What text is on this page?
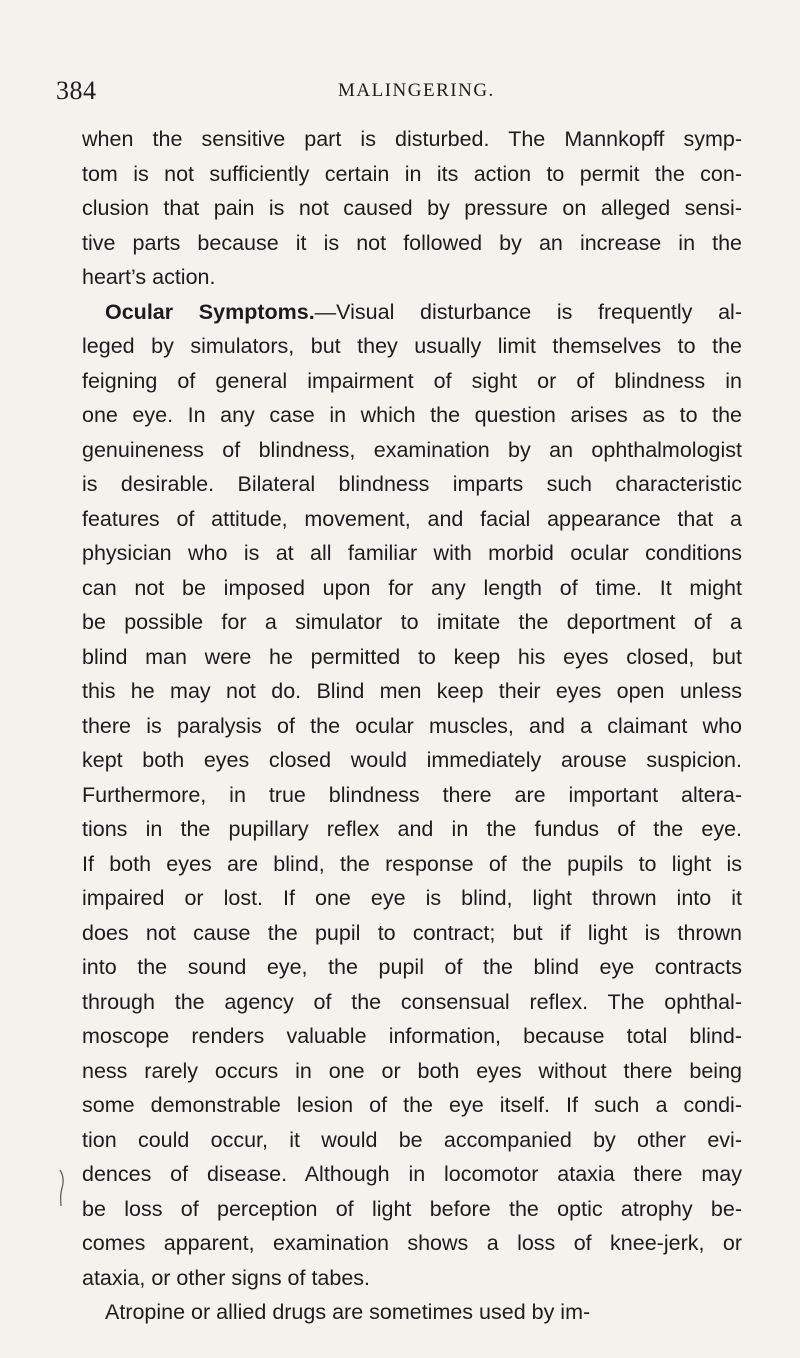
384	MALINGERING.
when the sensitive part is disturbed. The Mannkopff symp-
tom is not sufficiently certain in its action to permit the con-
clusion that pain is not caused by pressure on alleged sensi-
tive parts because it is not followed by an increase in the
heart’s action.
Ocular Symptoms.—Visual disturbance is frequently al-
leged by simulators, but they usually limit themselves to the
feigning of general impairment of sight or of blindness in
one eye. In any case in which the question arises as to the
genuineness of blindness, examination by an ophthalmologist
is desirable. Bilateral blindness imparts such characteristic
features of attitude, movement, and facial appearance that a
physician who is at all familiar with morbid ocular conditions
can not be imposed upon for any length of time. It might
be possible for a simulator to imitate the deportment of a
blind man were he permitted to keep his eyes closed, but
this he may not do. Blind men keep their eyes open unless
there is paralysis of the ocular muscles, and a claimant who
kept both eyes closed would immediately arouse suspicion.
Furthermore, in true blindness there are important altera-
tions in the pupillary reflex and in the fundus of the eye.
If both eyes are blind, the response of the pupils to light is
impaired or lost. If one eye is blind, light thrown into it
does not cause the pupil to contract; but if light is thrown
into the sound eye, the pupil of the blind eye contracts
through the agency of the consensual reflex. The ophthal-
moscope renders valuable information, because total blind-
ness rarely occurs in one or both eyes without there being
some demonstrable lesion of the eye itself. If such a condi-
tion could occur, it would be accompanied by other evi-
dences of disease. Although in locomotor ataxia there may
be loss of perception of light before the optic atrophy be-
comes apparent, examination shows a loss of knee-jerk, or
ataxia, or other signs of tabes.
Atropine or allied drugs are sometimes used by im-
